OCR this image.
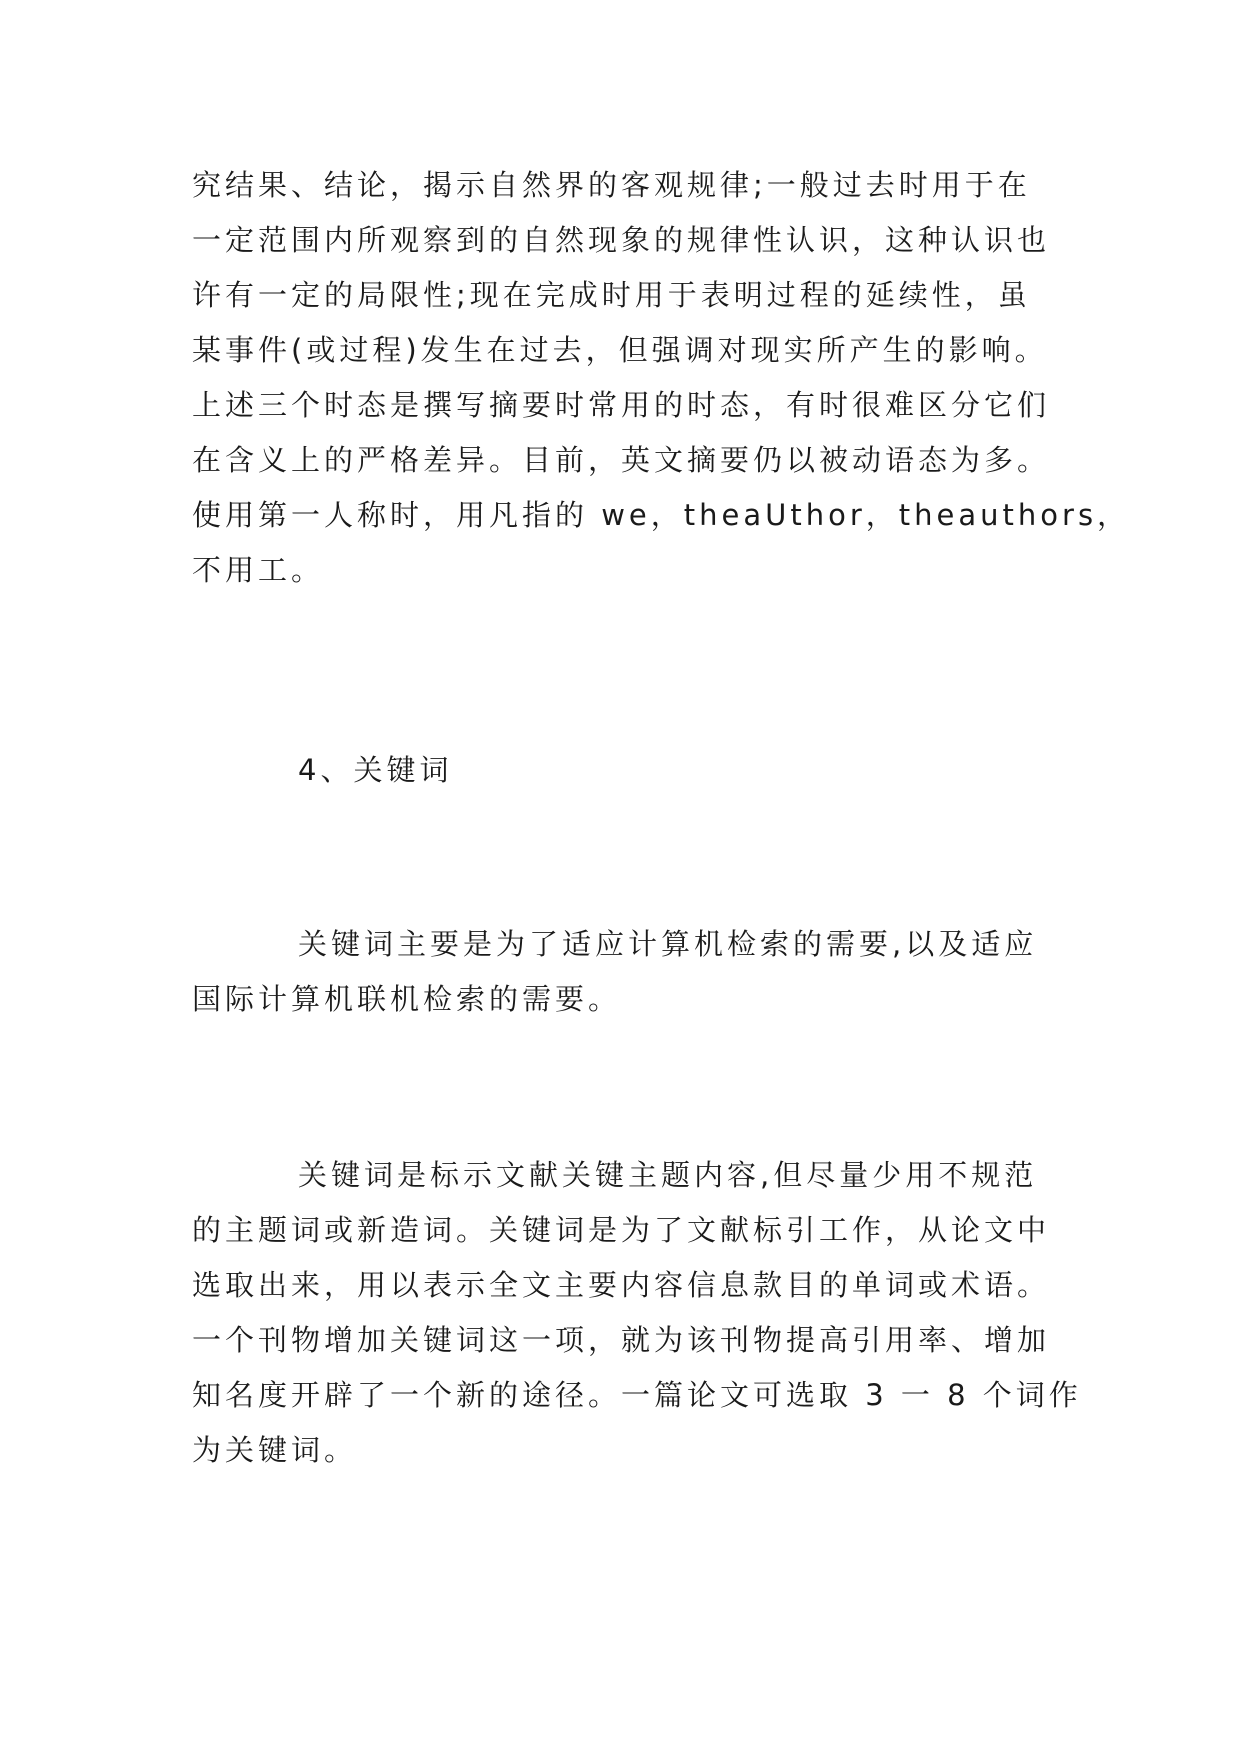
究结果、结论，揭示自然界的客观规律;一般过去时用于在
一定范围内所观察到的自然现象的规律性认识，这种认识也
许有一定的局限性;现在完成时用于表明过程的延续性，虽
某事件(或过程)发生在过去，但强调对现实所产生的影响。
上述三个时态是撰写摘要时常用的时态，有时很难区分它们
在含义上的严格差异。目前，英文摘要仍以被动语态为多。
使用第一人称时，用凡指的 we，theaUthor，theauthors，
不用工。
4、关键词
关键词主要是为了适应计算机检索的需要,以及适应
国际计算机联机检索的需要。
关键词是标示文献关键主题内容,但尽量少用不规范
的主题词或新造词。关键词是为了文献标引工作，从论文中
选取出来，用以表示全文主要内容信息款目的单词或术语。
一个刊物增加关键词这一项，就为该刊物提高引用率、增加
知名度开辟了一个新的途径。一篇论文可选取 3 一 8 个词作
为关键词。
